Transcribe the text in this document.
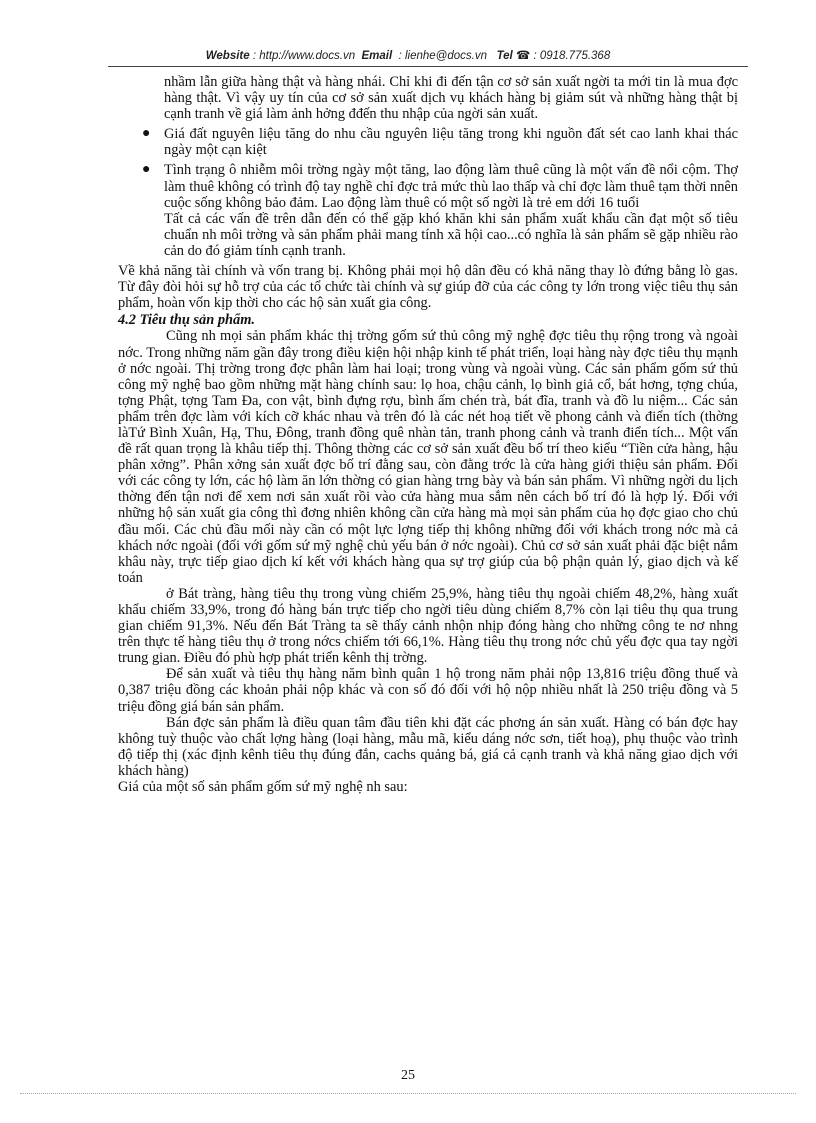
Website : http://www.docs.vn Email : lienhe@docs.vn Tel ☎ : 0918.775.368

nhầm lẫn giữa hàng thật và hàng nhái. Chỉ khi đi đến tận cơ sở sản xuất ngời ta mới tin là mua đợc hàng thật. Vì vậy uy tín của cơ sở sản xuất dịch vụ khách hàng bị giảm sút và những hàng thật bị cạnh tranh về giá làm ảnh hởng đđến thu nhập của ngời sản xuất.

● Giá đất nguyên liệu tăng do nhu cầu nguyên liệu tăng trong khi nguồn đất sét cao lanh khai thác ngày một cạn kiệt
● Tình trạng ô nhiễm môi trờng ngày một tăng, lao động làm thuê cũng là một vấn đề nổi cộm. Thợ làm thuê không có trình độ tay nghề chỉ đợc trả mức thù lao thấp và chỉ đợc làm thuê tạm thời nnên cuộc sống không bảo đảm. Lao động làm thuê có một số ngời là trẻ em dới 16 tuổi

Tất cả các vấn đề trên dẫn đến có thể gặp khó khăn khi sản phẩm xuất khẩu cần đạt một số tiêu chuẩn nh môi trờng và sản phẩm phải mang tính xã hội cao...có nghĩa là sản phẩm sẽ gặp nhiều rào cản do đó giảm tính cạnh tranh.

Về khả năng tài chính và vốn trang bị. Không phải mọi hộ dân đều có khả năng thay lò đứng bằng lò gas. Từ đây đòi hỏi sự hỗ trợ của các tổ chức tài chính và sự giúp đỡ của các công ty lớn trong việc tiêu thụ sản phẩm, hoàn vốn kịp thời cho các hộ sản xuất gia công.

4.2 Tiêu thụ sản phẩm.

Cũng nh mọi sản phẩm khác thị trờng gốm sứ thủ công mỹ nghệ đợc tiêu thụ rộng trong và ngoài nớc. Trong những năm gần đây trong điều kiện hội nhập kinh tế phát triển, loại hàng này đợc tiêu thụ mạnh ở nớc ngoài. Thị trờng trong đợc phân làm hai loại; trong vùng và ngoài vùng. Các sản phẩm gốm sứ thủ công mỹ nghệ bao gồm những mặt hàng chính sau: lọ hoa, chậu cảnh, lọ bình giả cổ, bát hơng, tợng chúa, tợng Phật, tợng Tam Đa, con vật, bình đựng rợu, bình ấm chén trà, bát đĩa, tranh và đồ lu niệm... Các sản phẩm trên đợc làm với kích cỡ khác nhau và trên đó là các nét hoạ tiết về phong cảnh và điển tích (thờng làTứ Bình Xuân, Hạ, Thu, Đông, tranh đồng quê nhàn tản, tranh phong cảnh và tranh điển tích... Một vấn đề rất quan trọng là khâu tiếp thị. Thông thờng các cơ sở sản xuất đều bố trí theo kiểu “Tiền cửa hàng, hậu phân xởng”. Phân xởng sản xuất đợc bố trí đằng sau, còn đằng trớc là cửa hàng giới thiệu sản phẩm. Đối với các công ty lớn, các hộ làm ăn lớn thờng có gian hàng trng bày và bán sản phẩm. Vì những ngời du lịch thờng đến tận nơi để xem nơi sản xuất rồi vào cửa hàng mua sắm nên cách bố trí đó là hợp lý. Đối với những hộ sản xuất gia công thì đơng nhiên không cần cửa hàng mà mọi sản phẩm của họ đợc giao cho chủ đầu mối. Các chủ đầu mối này cần có một lực lợng tiếp thị không những đối với khách trong nớc mà cả khách nớc ngoài (đối với gốm sứ mỹ nghệ chủ yếu bán ở nớc ngoài). Chủ cơ sở sản xuất phải đặc biệt nắm khâu này, trực tiếp giao dịch kí kết với khách hàng qua sự trợ giúp của bộ phận quản lý, giao dịch và kế toán

ở Bát tràng, hàng tiêu thụ trong vùng chiếm 25,9%, hàng tiêu thụ ngoài chiếm 48,2%, hàng xuất khẩu chiếm 33,9%, trong đó hàng bán trực tiếp cho ngời tiêu dùng chiếm 8,7% còn lại tiêu thụ qua trung gian chiếm 91,3%. Nếu đến Bát Tràng ta sẽ thấy cảnh nhộn nhịp đóng hàng cho những công te nơ nhng trên thực tế hàng tiêu thụ ở trong nớcs chiếm tới 66,1%. Hàng tiêu thụ trong nớc chủ yếu đợc qua tay ngời trung gian. Điều đó phù hợp phát triển kênh thị trờng.

Để sản xuất và tiêu thụ hàng năm bình quân 1 hộ trong năm phải nộp 13,816 triệu đồng thuế và 0,387 triệu đồng các khoản phải nộp khác và con số đó đối với hộ nộp nhiều nhất là 250 triệu đồng và 5 triệu đồng giá bán sản phẩm.

Bán đợc sản phẩm là điều quan tâm đầu tiên khi đặt các phơng án sản xuất. Hàng có bán đợc hay không tuỳ thuộc vào chất lợng hàng (loại hàng, mẫu mã, kiểu dáng nớc sơn, tiết hoạ), phụ thuộc vào trình độ tiếp thị (xác định kênh tiêu thụ đúng đắn, cachs quảng bá, giá cả cạnh tranh và khả năng giao dịch với khách hàng)

Giá của một số sản phẩm gốm sứ mỹ nghệ nh sau:

25
